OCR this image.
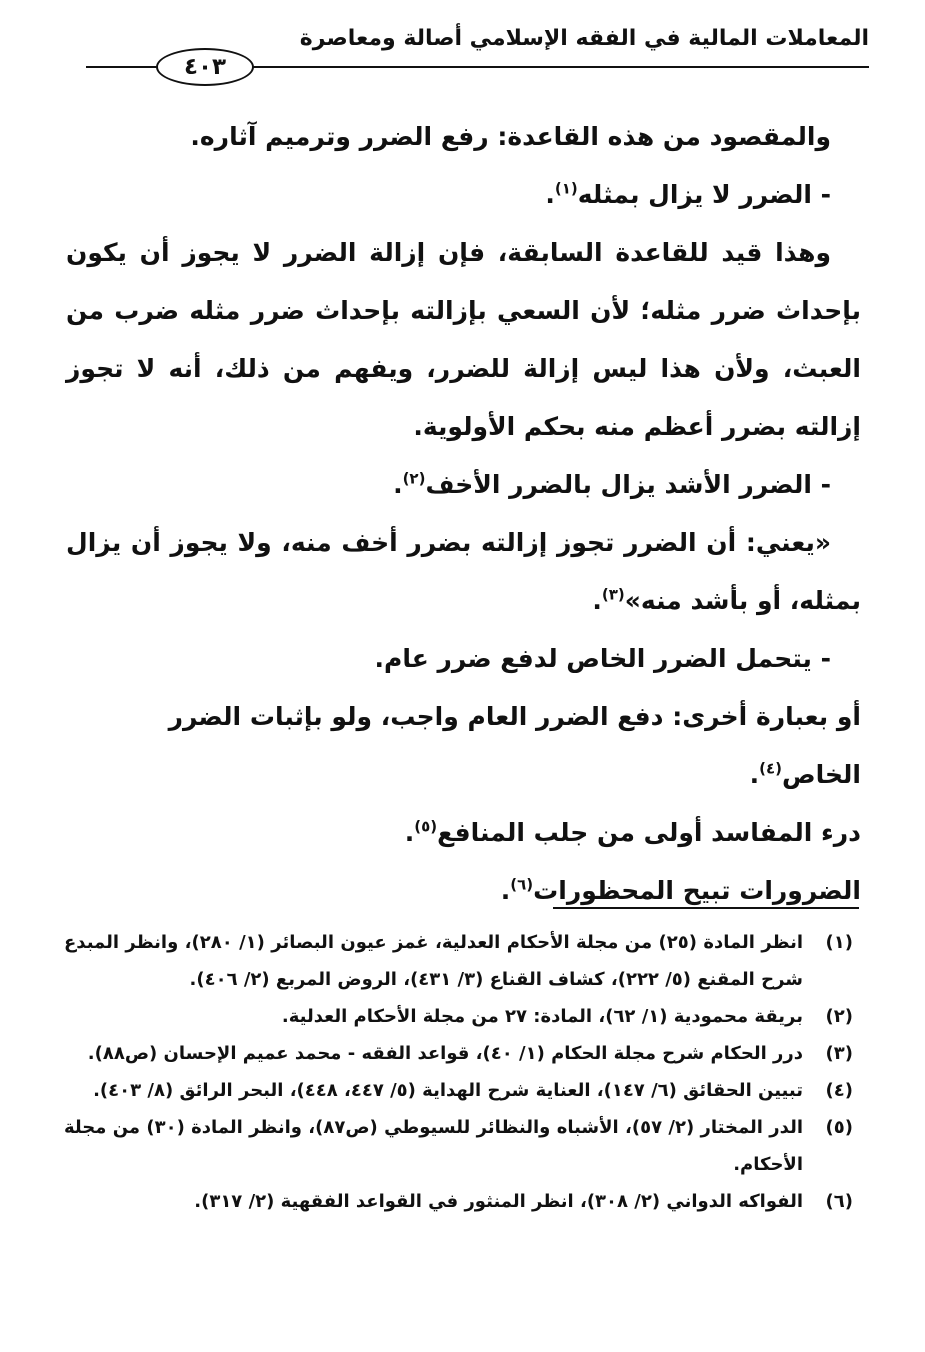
المعاملات المالية في الفقه الإسلامي أصالة ومعاصرة
٤٠٣

والمقصود من هذه القاعدة: رفع الضرر وترميم آثاره.

- الضرر لا يزال بمثله$^{(١)}$.

وهذا قيد للقاعدة السابقة، فإن إزالة الضرر لا يجوز أن يكون بإحداث ضرر مثله؛ لأن السعي بإزالته بإحداث ضرر مثله ضرب من العبث، ولأن هذا ليس إزالة للضرر، ويفهم من ذلك، أنه لا تجوز إزالته بضرر أعظم منه بحكم الأولوية.

- الضرر الأشد يزال بالضرر الأخف$^{(٢)}$.

«يعني: أن الضرر تجوز إزالته بضرر أخف منه، ولا يجوز أن يزال بمثله، أو بأشد منه»$^{(٣)}$.

- يتحمل الضرر الخاص لدفع ضرر عام.

أو بعبارة أخرى: دفع الضرر العام واجب، ولو بإثبات الضرر الخاص$^{(٤)}$.

درء المفاسد أولى من جلب المنافع$^{(٥)}$.

الضرورات تبيح المحظورات$^{(٦)}$.

(١)
انظر المادة (٢٥) من مجلة الأحكام العدلية، غمز عيون البصائر (١/ ٢٨٠)، وانظر المبدع شرح المقنع (٥/ ٢٢٢)، كشاف القناع (٣/ ٤٣١)، الروض المربع (٢/ ٤٠٦).
(٢)
بريقة محمودية (١/ ٦٢)، المادة: ٢٧ من مجلة الأحكام العدلية.
(٣)
درر الحكام شرح مجلة الحكام (١/ ٤٠)، قواعد الفقه - محمد عميم الإحسان (ص٨٨).
(٤)
تبيين الحقائق (٦/ ١٤٧)، العناية شرح الهداية (٥/ ٤٤٧، ٤٤٨)، البحر الرائق (٨/ ٤٠٣).
(٥)
الدر المختار (٢/ ٥٧)، الأشباه والنظائر للسيوطي (ص٨٧)، وانظر المادة (٣٠) من مجلة الأحكام.
(٦)
الفواكه الدواني (٢/ ٣٠٨)، انظر المنثور في القواعد الفقهية (٢/ ٣١٧).
